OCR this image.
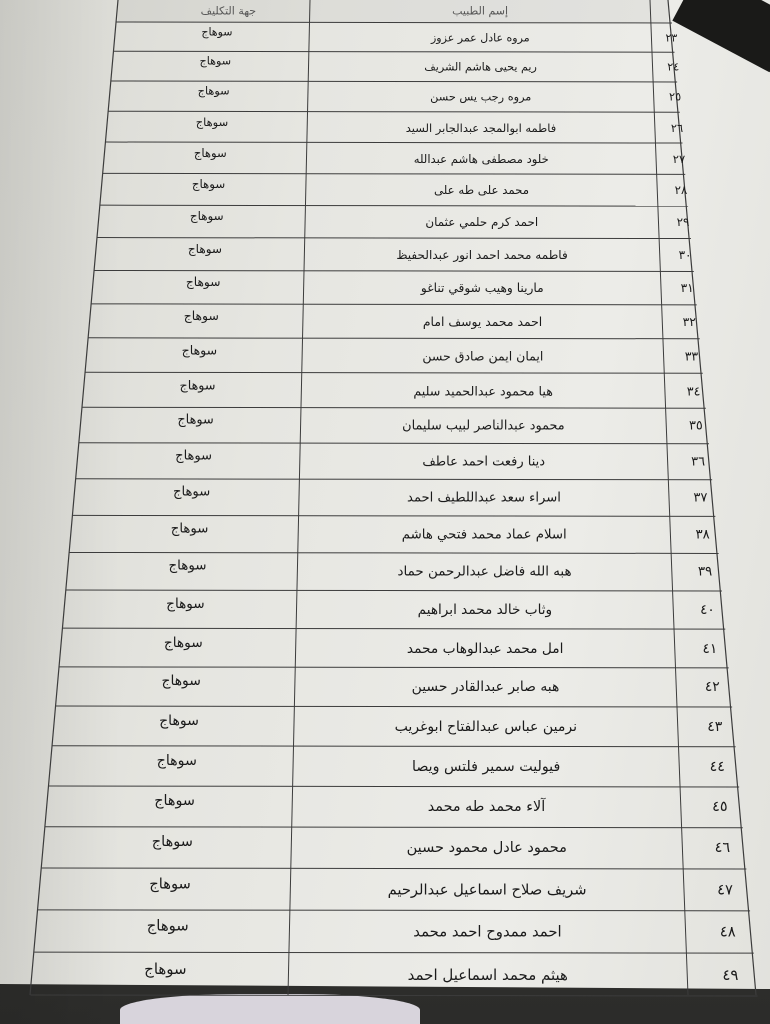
جهة التكليف	إسم الطبيب
٢٣
مروه عادل عمر عزوز
سوهاج
٢٤
ريم يحيى هاشم الشريف
سوهاج
٢٥
مروه رجب يس حسن
سوهاج
٢٦
فاطمه ابوالمجد عبدالجابر السيد
سوهاج
٢٧
خلود مصطفى هاشم عبدالله
سوهاج
٢٨
محمد على طه على
سوهاج
٢٩
احمد كرم حلمي عثمان
سوهاج
٣٠
فاطمه محمد احمد انور عبدالحفيظ
سوهاج
٣١
مارينا وهيب شوقي تناغو
سوهاج
٣٢
احمد محمد يوسف امام
سوهاج
٣٣
ايمان ايمن صادق حسن
سوهاج
٣٤
هيا محمود عبدالحميد سليم
سوهاج
٣٥
محمود عبدالناصر لبيب سليمان
سوهاج
٣٦
دينا رفعت احمد عاطف
سوهاج
٣٧
اسراء سعد عبداللطيف احمد
سوهاج
٣٨
اسلام عماد محمد فتحي هاشم
سوهاج
٣٩
هبه الله فاضل عبدالرحمن حماد
سوهاج
٤٠
وثاب خالد محمد ابراهيم
سوهاج
٤١
امل محمد عبدالوهاب محمد
سوهاج
٤٢
هبه صابر عبدالقادر حسين
سوهاج
٤٣
نرمين عباس عبدالفتاح ابوغريب
سوهاج
٤٤
فيوليت سمير فلتس ويصا
سوهاج
٤٥
آلاء محمد طه محمد
سوهاج
٤٦
محمود عادل محمود حسين
سوهاج
٤٧
شريف صلاح اسماعيل عبدالرحيم
سوهاج
٤٨
احمد ممدوح احمد محمد
سوهاج
٤٩
هيثم محمد اسماعيل احمد
سوهاج
